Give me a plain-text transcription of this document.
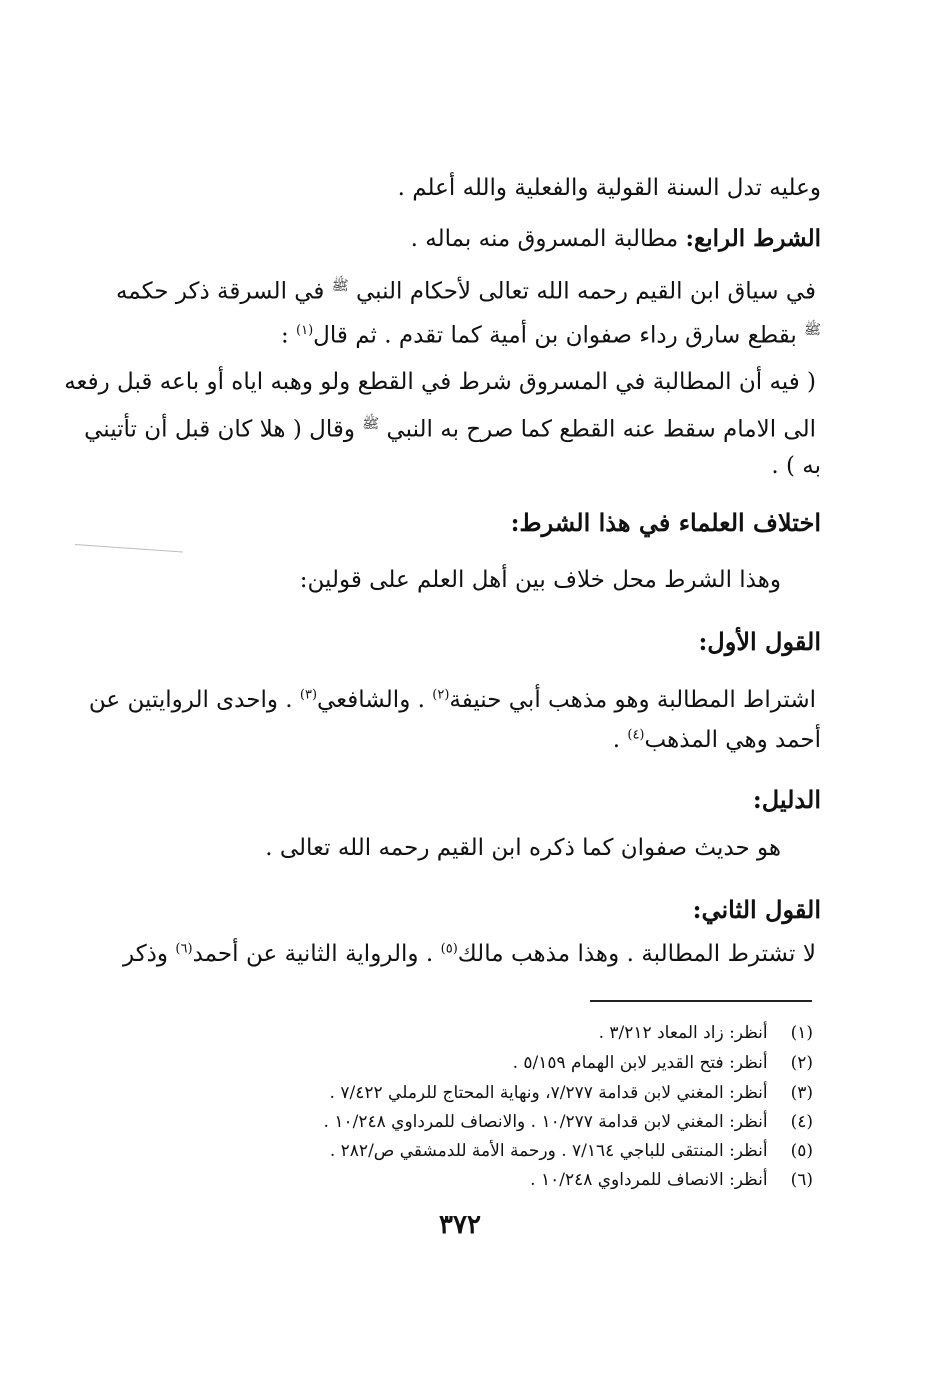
وعليه تدل السنة القولية والفعلية والله أعلم .
الشرط الرابع: مطالبة المسروق منه بماله .
في سياق ابن القيم رحمه الله تعالى لأحكام النبي $^ﷺ$ في السرقة ذكر حكمه
$^ﷺ$ بقطع سارق رداء صفوان بن أمية كما تقدم . ثم قال$^{(١)}$ :
( فيه أن المطالبة في المسروق شرط في القطع ولو وهبه اياه أو باعه قبل رفعه
الى الامام سقط عنه القطع كما صرح به النبي $^ﷺ$ وقال ( هلا كان قبل أن تأتيني
به ) .
اختلاف العلماء في هذا الشرط:
وهذا الشرط محل خلاف بين أهل العلم على قولين:
القول الأول:
اشتراط المطالبة وهو مذهب أبي حنيفة$^{(٢)}$ . والشافعي$^{(٣)}$ . واحدى الروايتين عن
أحمد وهي المذهب$^{(٤)}$ .
الدليل:
هو حديث صفوان كما ذكره ابن القيم رحمه الله تعالى .
القول الثاني:
لا تشترط المطالبة . وهذا مذهب مالك$^{(٥)}$ . والرواية الثانية عن أحمد$^{(٦)}$ وذكر
(١) أنظر: زاد المعاد ٣/٢١٢ .
(٢) أنظر: فتح القدير لابن الهمام ٥/١٥٩ .
(٣) أنظر: المغني لابن قدامة ٧/٢٧٧، ونهاية المحتاج للرملي ٧/٤٢٢ .
(٤) أنظر: المغني لابن قدامة ١٠/٢٧٧ . والانصاف للمرداوي ١٠/٢٤٨ .
(٥) أنظر: المنتقى للباجي ٧/١٦٤ . ورحمة الأمة للدمشقي ص/٢٨٢ .
(٦) أنظر: الانصاف للمرداوي ١٠/٢٤٨ .
٣٧٢
